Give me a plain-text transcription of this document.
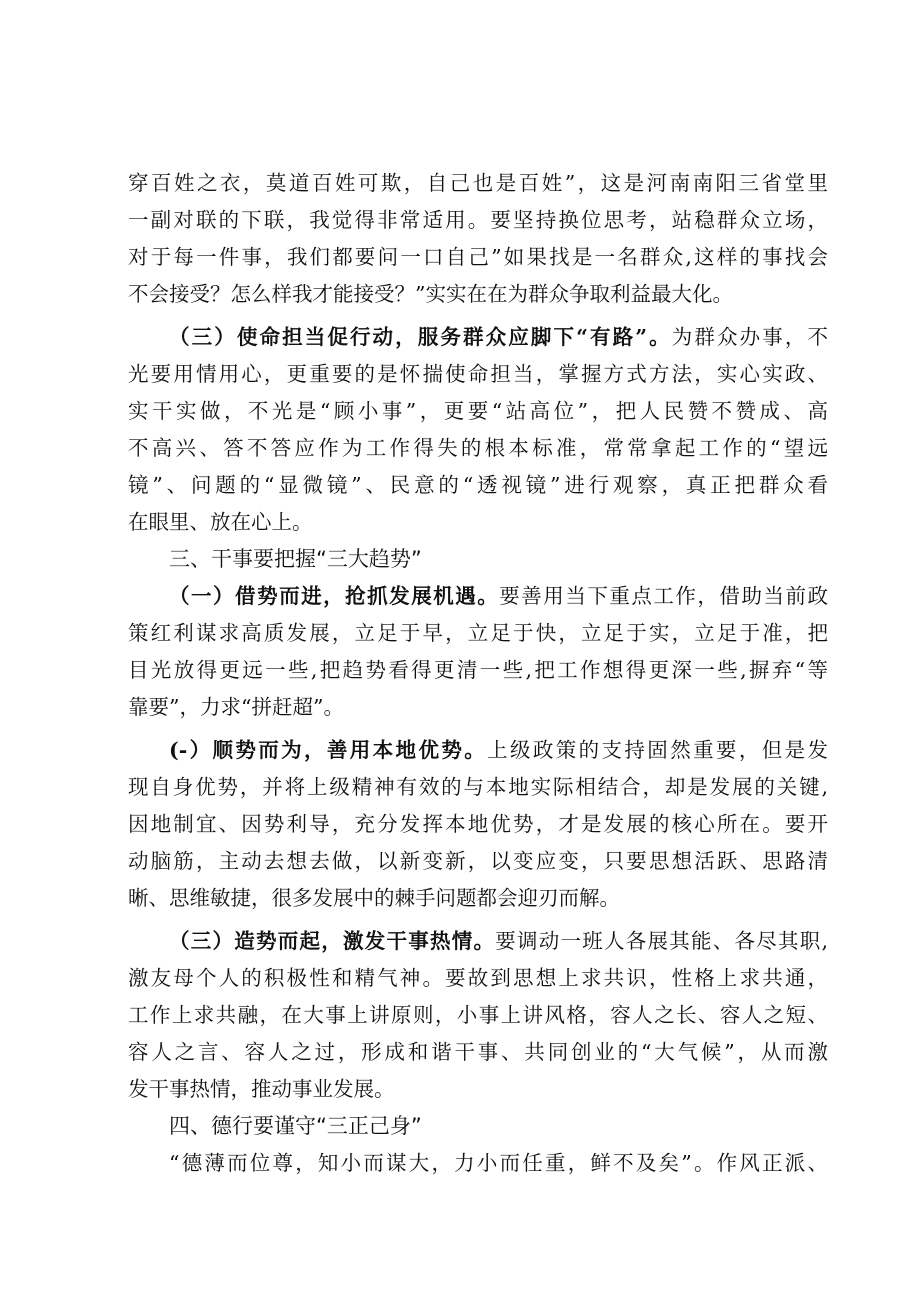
穿百姓之衣，莫道百姓可欺，自己也是百姓”，这是河南南阳三省堂里
一副对联的下联，我觉得非常适用。要坚持换位思考，站稳群众立场，
对于每一件事，我们都要问一口自己”如果找是一名群众,这样的事找会
不会接受？怎么样我才能接受？”实实在在为群众争取利益最大化。
（三）使命担当促行动，服务群众应脚下“有路”。为群众办事，不
光要用情用心，更重要的是怀揣使命担当，掌握方式方法，实心实政、
实干实做，不光是“顾小事”，更要“站高位”，把人民赞不赞成、高
不高兴、答不答应作为工作得失的根本标准，常常拿起工作的“望远
镜”、问题的“显微镜”、民意的“透视镜”进行观察，真正把群众看
在眼里、放在心上。
三、干事要把握“三大趋势”
（一）借势而进，抢抓发展机遇。要善用当下重点工作，借助当前政
策红利谋求高质发展，立足于早，立足于快，立足于实，立足于准，把
目光放得更远一些,把趋势看得更清一些,把工作想得更深一些,摒弃“等
靠要”，力求“拼赶超”。
(-）顺势而为，善用本地优势。上级政策的支持固然重要，但是发
现自身优势，并将上级精神有效的与本地实际相结合，却是发展的关键,
因地制宜、因势利导，充分发挥本地优势，才是发展的核心所在。要开
动脑筋，主动去想去做，以新变新，以变应变，只要思想活跃、思路清
晰、思维敏捷，很多发展中的棘手问题都会迎刃而解。
（三）造势而起，激发干事热情。要调动一班人各展其能、各尽其职,
激友母个人的积极性和精气神。要故到思想上求共识，性格上求共通，
工作上求共融，在大事上讲原则，小事上讲风格，容人之长、容人之短、
容人之言、容人之过，形成和谐干事、共同创业的“大气候”，从而激
发干事热情，推动事业发展。
四、德行要谨守“三正己身”
“德薄而位尊，知小而谋大，力小而任重，鲜不及矣”。作风正派、
